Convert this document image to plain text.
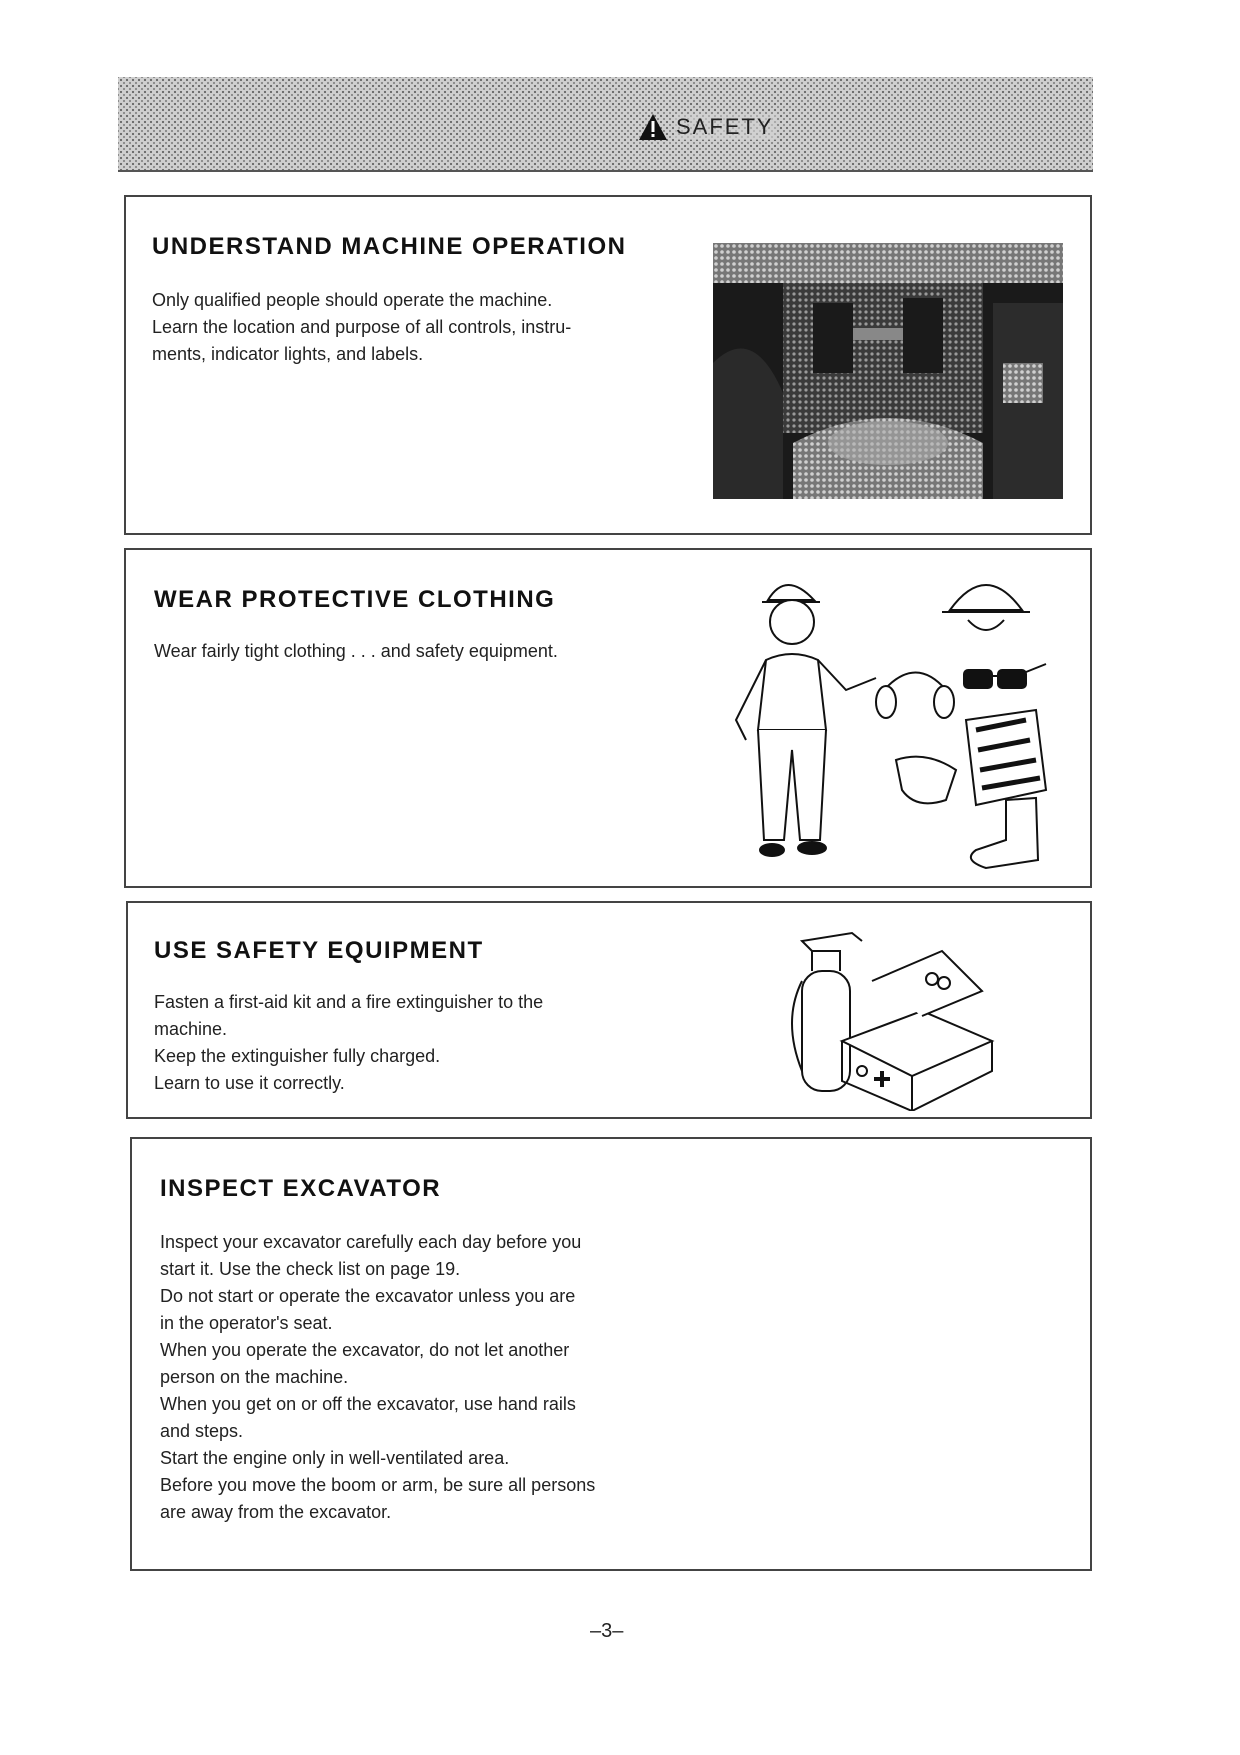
SAFETY
UNDERSTAND MACHINE OPERATION

Only qualified people should operate the machine.
Learn the location and purpose of all controls, instru-
ments, indicator lights, and labels.

WEAR PROTECTIVE CLOTHING

Wear fairly tight clothing . . . and safety equipment.

USE SAFETY EQUIPMENT

Fasten a first-aid kit and a fire extinguisher to the
machine.
Keep the extinguisher fully charged.
Learn to use it correctly.

INSPECT EXCAVATOR

Inspect your excavator carefully each day before you
start it. Use the check list on page 19.
Do not start or operate the excavator unless you are
in the operator's seat.
When you operate the excavator, do not let another
person on the machine.
When you get on or off the excavator, use hand rails
and steps.
Start the engine only in well-ventilated area.
Before you move the boom or arm, be sure all persons
are away from the excavator.

–3–
